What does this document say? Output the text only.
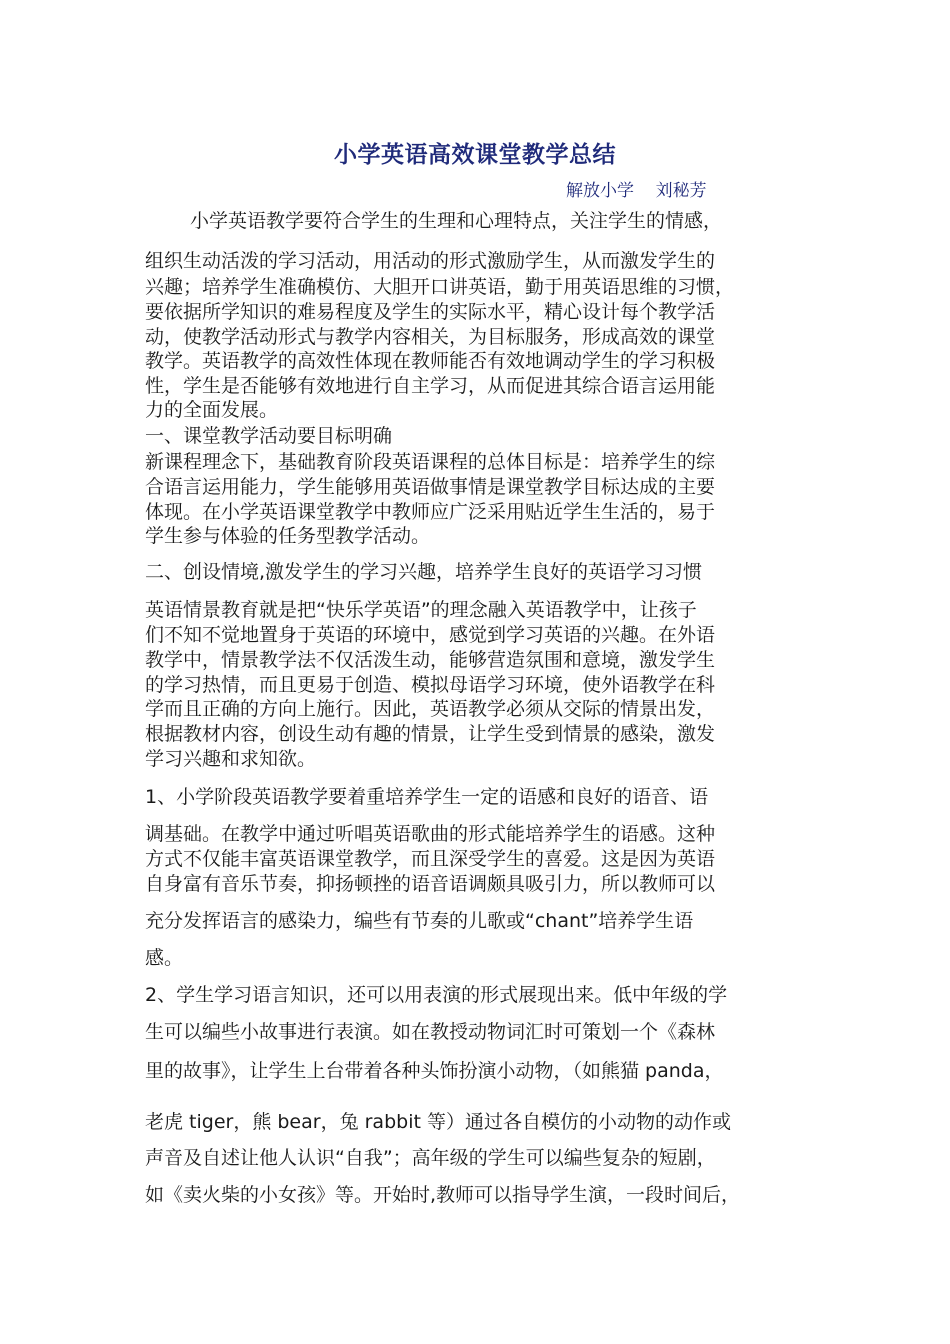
小学英语高效课堂教学总结
解放小学    刘秘芳
小学英语教学要符合学生的生理和心理特点，关注学生的情感，
组织生动活泼的学习活动，用活动的形式激励学生，从而激发学生的
兴趣；培养学生准确模仿、大胆开口讲英语，勤于用英语思维的习惯，
要依据所学知识的难易程度及学生的实际水平，精心设计每个教学活
动，使教学活动形式与教学内容相关，为目标服务，形成高效的课堂
教学。英语教学的高效性体现在教师能否有效地调动学生的学习积极
性，学生是否能够有效地进行自主学习，从而促进其综合语言运用能
力的全面发展。
一、课堂教学活动要目标明确
新课程理念下，基础教育阶段英语课程的总体目标是：培养学生的综
合语言运用能力，学生能够用英语做事情是课堂教学目标达成的主要
体现。在小学英语课堂教学中教师应广泛采用贴近学生生活的，易于
学生参与体验的任务型教学活动。
二、创设情境,激发学生的学习兴趣，培养学生良好的英语学习习惯
英语情景教育就是把“快乐学英语”的理念融入英语教学中，让孩子
们不知不觉地置身于英语的环境中，感觉到学习英语的兴趣。在外语
教学中，情景教学法不仅活泼生动，能够营造氛围和意境，激发学生
的学习热情，而且更易于创造、模拟母语学习环境，使外语教学在科
学而且正确的方向上施行。因此，英语教学必须从交际的情景出发，
根据教材内容，创设生动有趣的情景，让学生受到情景的感染，激发
学习兴趣和求知欲。
1、小学阶段英语教学要着重培养学生一定的语感和良好的语音、语
调基础。在教学中通过听唱英语歌曲的形式能培养学生的语感。这种
方式不仅能丰富英语课堂教学，而且深受学生的喜爱。这是因为英语
自身富有音乐节奏，抑扬顿挫的语音语调颇具吸引力，所以教师可以
充分发挥语言的感染力，编些有节奏的儿歌或“chant”培养学生语
感。
2、学生学习语言知识，还可以用表演的形式展现出来。低中年级的学
生可以编些小故事进行表演。如在教授动物词汇时可策划一个《森林
里的故事》，让学生上台带着各种头饰扮演小动物，（如熊猫 panda，
老虎 tiger，熊 bear，兔 rabbit 等）通过各自模仿的小动物的动作或
声音及自述让他人认识“自我”；高年级的学生可以编些复杂的短剧，
如《卖火柴的小女孩》等。开始时,教师可以指导学生演，一段时间后，
